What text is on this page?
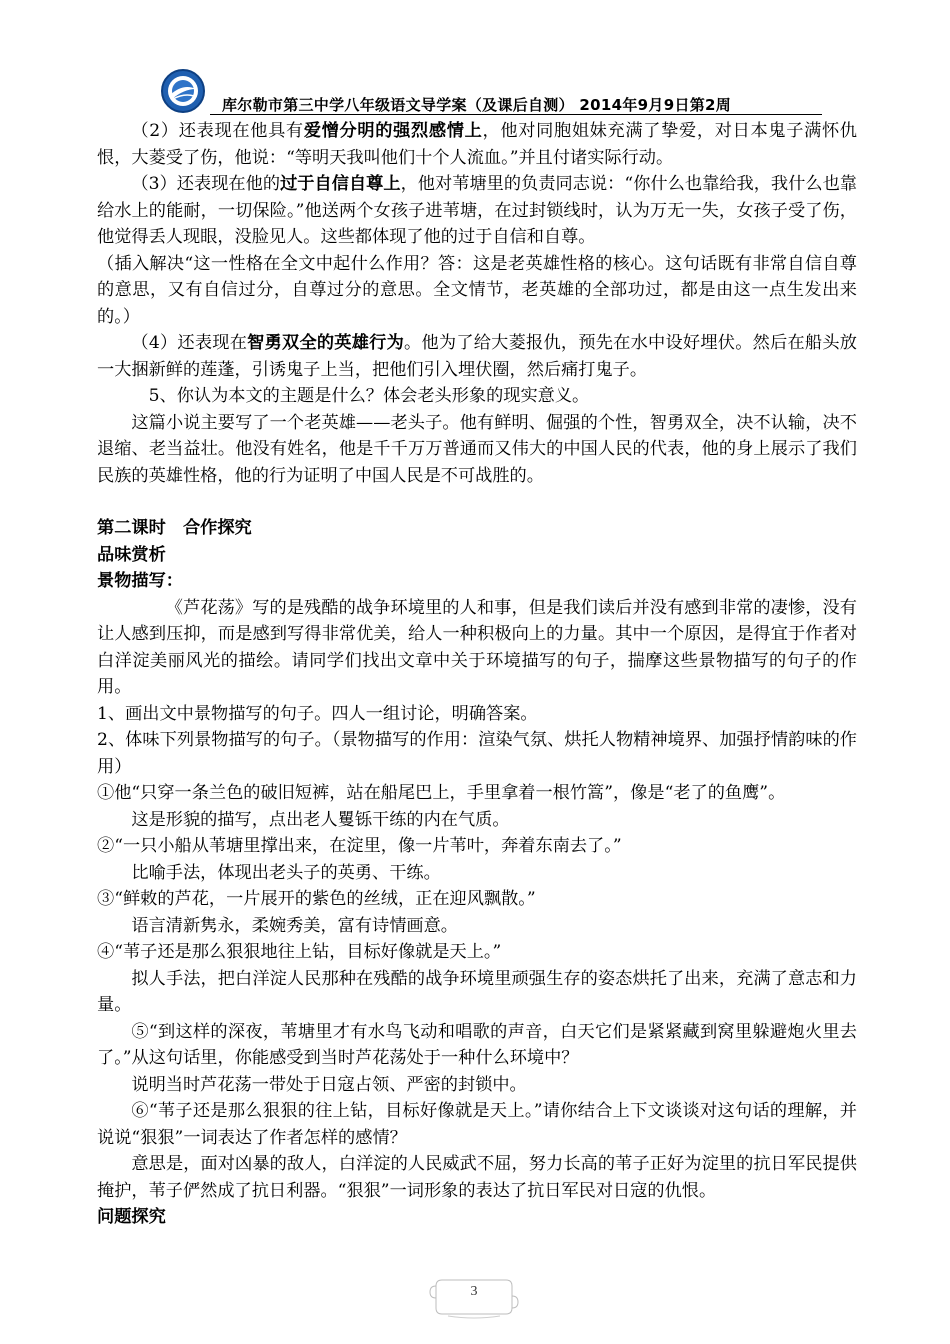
库尔勒市第三中学八年级语文导学案（及课后自测） 2014年9月9日第2周

（2）还表现在他具有爱憎分明的强烈感情上，他对同胞姐妹充满了挚爱，对日本鬼子满怀仇恨，大菱受了伤，他说：“等明天我叫他们十个人流血。”并且付诸实际行动。

（3）还表现在他的过于自信自尊上，他对苇塘里的负责同志说：“你什么也靠给我，我什么也靠给水上的能耐，一切保险。”他送两个女孩子进苇塘，在过封锁线时，认为万无一失，女孩子受了伤，他觉得丢人现眼，没脸见人。这些都体现了他的过于自信和自尊。

（插入解决“这一性格在全文中起什么作用？答：这是老英雄性格的核心。这句话既有非常自信自尊的意思，又有自信过分，自尊过分的意思。全文情节，老英雄的全部功过，都是由这一点生发出来的。）

（4）还表现在智勇双全的英雄行为。他为了给大菱报仇，预先在水中设好埋伏。然后在船头放一大捆新鲜的莲蓬，引诱鬼子上当，把他们引入埋伏圈，然后痛打鬼子。

5、你认为本文的主题是什么？体会老头形象的现实意义。

这篇小说主要写了一个老英雄——老头子。他有鲜明、倔强的个性，智勇双全，决不认输，决不退缩、老当益壮。他没有姓名，他是千千万万普通而又伟大的中国人民的代表，他的身上展示了我们民族的英雄性格，他的行为证明了中国人民是不可战胜的。

第二课时　合作探究

品味赏析

景物描写：

《芦花荡》写的是残酷的战争环境里的人和事，但是我们读后并没有感到非常的凄惨，没有让人感到压抑，而是感到写得非常优美，给人一种积极向上的力量。其中一个原因，是得宜于作者对白洋淀美丽风光的描绘。请同学们找出文章中关于环境描写的句子，揣摩这些景物描写的句子的作用。

1、画出文中景物描写的句子。四人一组讨论，明确答案。

2、体味下列景物描写的句子。（景物描写的作用：渲染气氛、烘托人物精神境界、加强抒情韵味的作用）

①他“只穿一条兰色的破旧短裤，站在船尾巴上，手里拿着一根竹篙”，像是“老了的鱼鹰”。

这是形貌的描写，点出老人矍铄干练的内在气质。

②“一只小船从苇塘里撑出来，在淀里，像一片苇叶，奔着东南去了。”

比喻手法，体现出老头子的英勇、干练。

③“鲜敕的芦花，一片展开的紫色的丝绒，正在迎风飘散。”

语言清新隽永，柔婉秀美，富有诗情画意。

④“苇子还是那么狠狠地往上钻，目标好像就是天上。”

拟人手法，把白洋淀人民那种在残酷的战争环境里顽强生存的姿态烘托了出来，充满了意志和力量。

⑤“到这样的深夜，苇塘里才有水鸟飞动和唱歌的声音，白天它们是紧紧藏到窝里躲避炮火里去了。”从这句话里，你能感受到当时芦花荡处于一种什么环境中？

说明当时芦花荡一带处于日寇占领、严密的封锁中。

⑥“苇子还是那么狠狠的往上钻，目标好像就是天上。”请你结合上下文谈谈对这句话的理解，并说说“狠狠”一词表达了作者怎样的感情？

意思是，面对凶暴的敌人，白洋淀的人民威武不屈，努力长高的苇子正好为淀里的抗日军民提供掩护，苇子俨然成了抗日利器。“狠狠”一词形象的表达了抗日军民对日寇的仇恨。

问题探究

3
